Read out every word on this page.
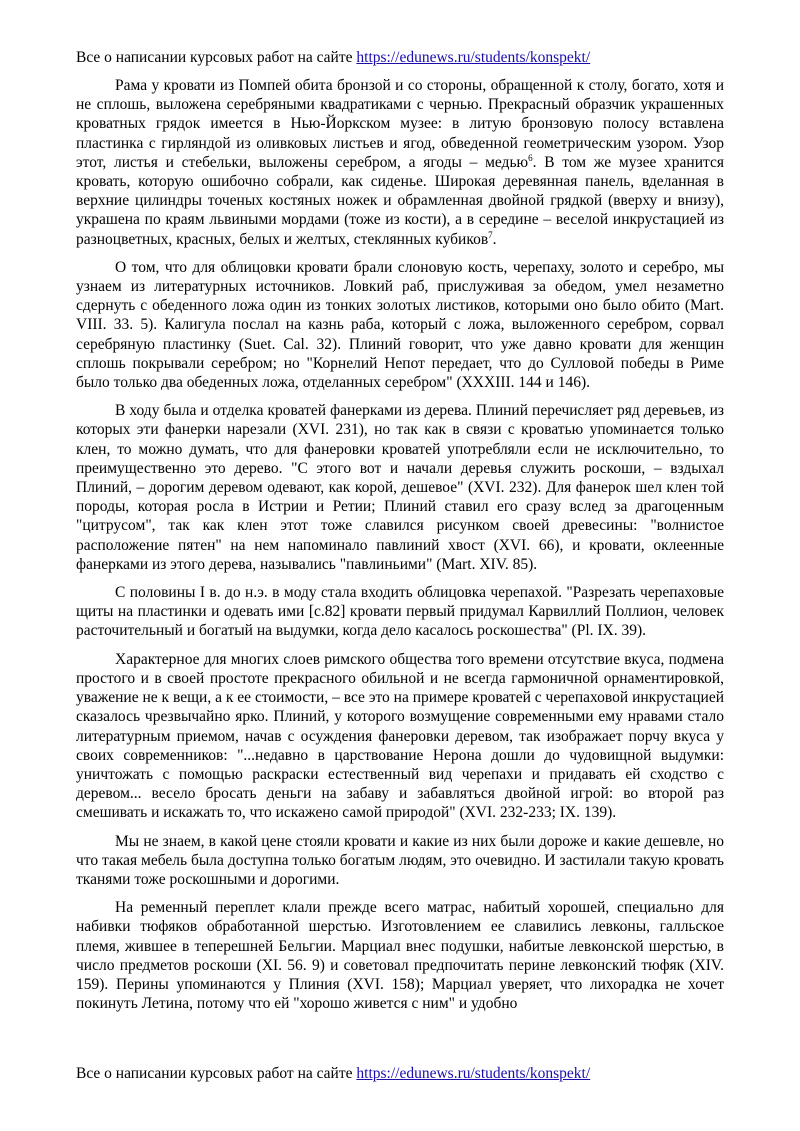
Все о написании курсовых работ на сайте https://edunews.ru/students/konspekt/

Рама у кровати из Помпей обита бронзой и со стороны, обращенной к столу, богато, хотя и не сплошь, выложена серебряными квадратиками с чернью. Прекрасный образчик украшенных кроватных грядок имеется в Нью-Йоркском музее: в литую бронзовую полосу вставлена пластинка с гирляндой из оливковых листьев и ягод, обведенной геометрическим узором. Узор этот, листья и стебельки, выложены серебром, а ягоды – медью$^6$. В том же музее хранится кровать, которую ошибочно собрали, как сиденье. Широкая деревянная панель, вделанная в верхние цилиндры точеных костяных ножек и обрамленная двойной грядкой (вверху и внизу), украшена по краям львиными мордами (тоже из кости), а в середине – веселой инкрустацией из разноцветных, красных, белых и желтых, стеклянных кубиков$^7$.

О том, что для облицовки кровати брали слоновую кость, черепаху, золото и серебро, мы узнаем из литературных источников. Ловкий раб, прислуживая за обедом, умел незаметно сдернуть с обеденного ложа один из тонких золотых листиков, которыми оно было обито (Mart. VIII. 33. 5). Калигула послал на казнь раба, который с ложа, выложенного серебром, сорвал серебряную пластинку (Suet. Cal. 32). Плиний говорит, что уже давно кровати для женщин сплошь покрывали серебром; но "Корнелий Непот передает, что до Сулловой победы в Риме было только два обеденных ложа, отделанных серебром" (XXXIII. 144 и 146).

В ходу была и отделка кроватей фанерками из дерева. Плиний перечисляет ряд деревьев, из которых эти фанерки нарезали (XVI. 231), но так как в связи с кроватью упоминается только клен, то можно думать, что для фанеровки кроватей употребляли если не исключительно, то преимущественно это дерево. "С этого вот и начали деревья служить роскоши, – вздыхал Плиний, – дорогим деревом одевают, как корой, дешевое" (XVI. 232). Для фанерок шел клен той породы, которая росла в Истрии и Ретии; Плиний ставил его сразу вслед за драгоценным "цитрусом", так как клен этот тоже славился рисунком своей древесины: "волнистое расположение пятен" на нем напоминало павлиний хвост (XVI. 66), и кровати, оклеенные фанерками из этого дерева, назывались "павлиньими" (Mart. XIV. 85).

С половины I в. до н.э. в моду стала входить облицовка черепахой. "Разрезать черепаховые щиты на пластинки и одевать ими [с.82] кровати первый придумал Карвиллий Поллион, человек расточительный и богатый на выдумки, когда дело касалось роскошества" (Pl. IX. 39).

Характерное для многих слоев римского общества того времени отсутствие вкуса, подмена простого и в своей простоте прекрасного обильной и не всегда гармоничной орнаментировкой, уважение не к вещи, а к ее стоимости, – все это на примере кроватей с черепаховой инкрустацией сказалось чрезвычайно ярко. Плиний, у которого возмущение современными ему нравами стало литературным приемом, начав с осуждения фанеровки деревом, так изображает порчу вкуса у своих современников: "...недавно в царствование Нерона дошли до чудовищной выдумки: уничтожать с помощью раскраски естественный вид черепахи и придавать ей сходство с деревом... весело бросать деньги на забаву и забавляться двойной игрой: во второй раз смешивать и искажать то, что искажено самой природой" (XVI. 232-233; IX. 139).

Мы не знаем, в какой цене стояли кровати и какие из них были дороже и какие дешевле, но что такая мебель была доступна только богатым людям, это очевидно. И застилали такую кровать тканями тоже роскошными и дорогими.

На ременный переплет клали прежде всего матрас, набитый хорошей, специально для набивки тюфяков обработанной шерстью. Изготовлением ее славились левконы, галльское племя, жившее в теперешней Бельгии. Марциал внес подушки, набитые левконской шерстью, в число предметов роскоши (XI. 56. 9) и советовал предпочитать перине левконский тюфяк (XIV. 159). Перины упоминаются у Плиния (XVI. 158); Марциал уверяет, что лихорадка не хочет покинуть Летина, потому что ей "хорошо живется с ним" и удобно

Все о написании курсовых работ на сайте https://edunews.ru/students/konspekt/
